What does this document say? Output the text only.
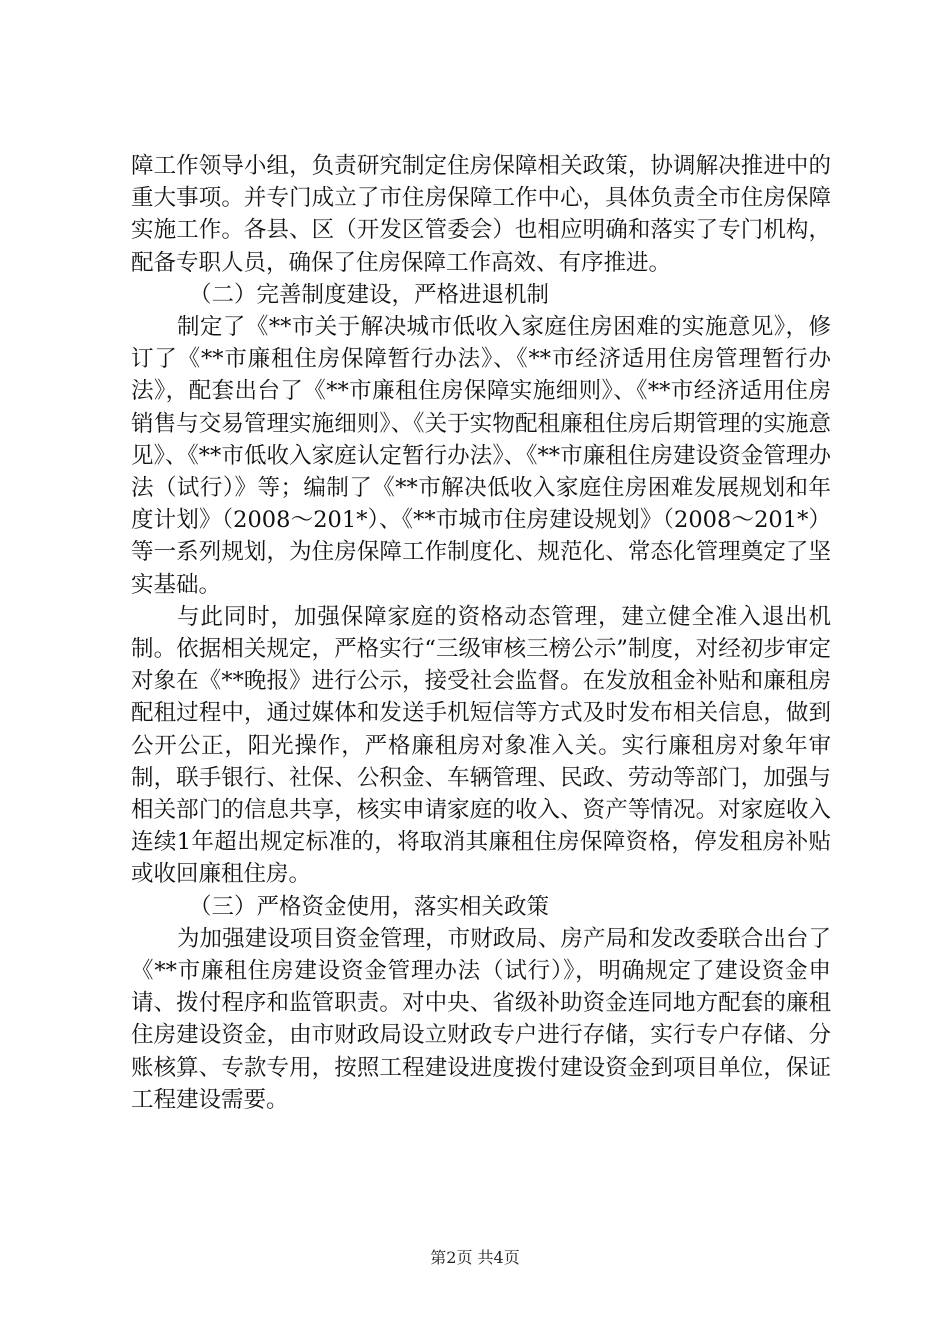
障工作领导小组，负责研究制定住房保障相关政策，协调解决推进中的重大事项。并专门成立了市住房保障工作中心，具体负责全市住房保障实施工作。各县、区（开发区管委会）也相应明确和落实了专门机构，配备专职人员，确保了住房保障工作高效、有序推进。

（二）完善制度建设，严格进退机制

制定了《**市关于解决城市低收入家庭住房困难的实施意见》，修订了《**市廉租住房保障暂行办法》、《**市经济适用住房管理暂行办法》，配套出台了《**市廉租住房保障实施细则》、《**市经济适用住房销售与交易管理实施细则》、《关于实物配租廉租住房后期管理的实施意见》、《**市低收入家庭认定暂行办法》、《**市廉租住房建设资金管理办法（试行）》等；编制了《**市解决低收入家庭住房困难发展规划和年度计划》（2008～201*）、《**市城市住房建设规划》（2008～201*）等一系列规划，为住房保障工作制度化、规范化、常态化管理奠定了坚实基础。

与此同时，加强保障家庭的资格动态管理，建立健全准入退出机制。依据相关规定，严格实行“三级审核三榜公示”制度，对经初步审定对象在《**晚报》进行公示，接受社会监督。在发放租金补贴和廉租房配租过程中，通过媒体和发送手机短信等方式及时发布相关信息，做到公开公正，阳光操作，严格廉租房对象准入关。实行廉租房对象年审制，联手银行、社保、公积金、车辆管理、民政、劳动等部门，加强与相关部门的信息共享，核实申请家庭的收入、资产等情况。对家庭收入连续1年超出规定标准的，将取消其廉租住房保障资格，停发租房补贴或收回廉租住房。

（三）严格资金使用，落实相关政策

为加强建设项目资金管理，市财政局、房产局和发改委联合出台了《**市廉租住房建设资金管理办法（试行）》，明确规定了建设资金申请、拨付程序和监管职责。对中央、省级补助资金连同地方配套的廉租住房建设资金，由市财政局设立财政专户进行存储，实行专户存储、分账核算、专款专用，按照工程建设进度拨付建设资金到项目单位，保证工程建设需要。

第2页 共4页
